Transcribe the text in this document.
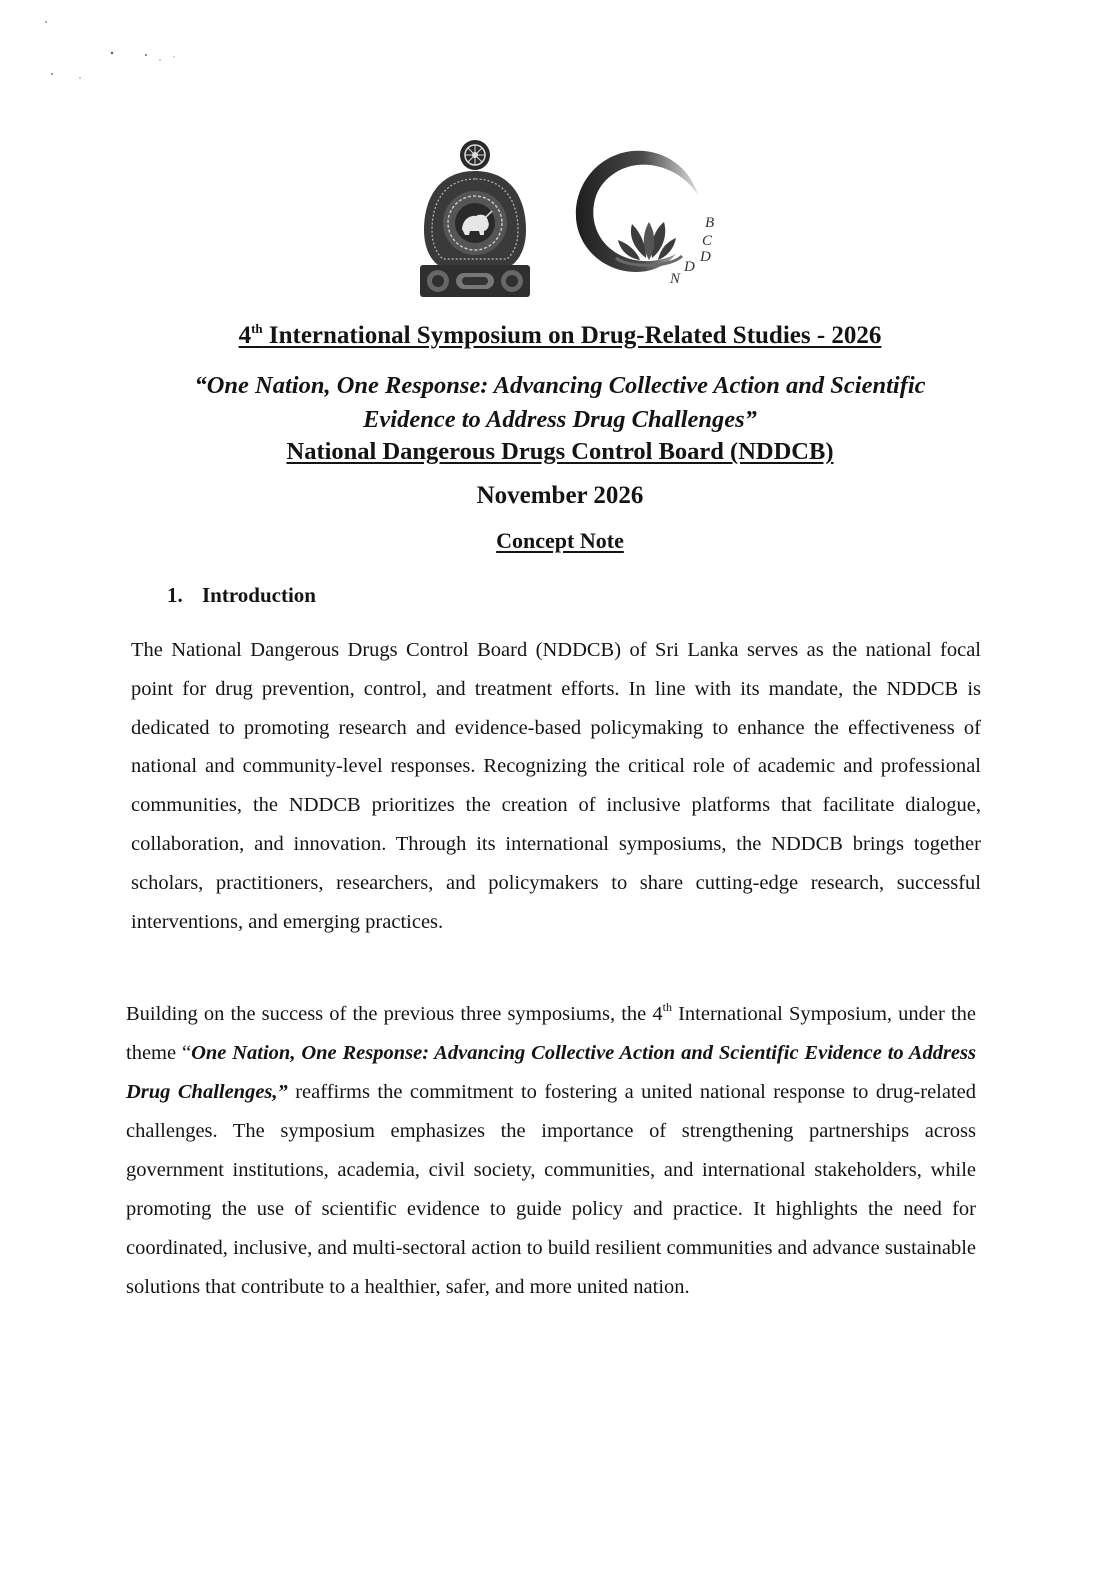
B
C
D
D
N
4th International Symposium on Drug-Related Studies - 2026
“One Nation, One Response: Advancing Collective Action and Scientific Evidence to Address Drug Challenges”
National Dangerous Drugs Control Board (NDDCB)
November 2026
Concept Note
1. Introduction
The National Dangerous Drugs Control Board (NDDCB) of Sri Lanka serves as the national focal point for drug prevention, control, and treatment efforts. In line with its mandate, the NDDCB is dedicated to promoting research and evidence-based policymaking to enhance the effectiveness of national and community-level responses. Recognizing the critical role of academic and professional communities, the NDDCB prioritizes the creation of inclusive platforms that facilitate dialogue, collaboration, and innovation. Through its international symposiums, the NDDCB brings together scholars, practitioners, researchers, and policymakers to share cutting-edge research, successful interventions, and emerging practices.
Building on the success of the previous three symposiums, the 4th International Symposium, under the theme “One Nation, One Response: Advancing Collective Action and Scientific Evidence to Address Drug Challenges,” reaffirms the commitment to fostering a united national response to drug-related challenges. The symposium emphasizes the importance of strengthening partnerships across government institutions, academia, civil society, communities, and international stakeholders, while promoting the use of scientific evidence to guide policy and practice. It highlights the need for coordinated, inclusive, and multi-sectoral action to build resilient communities and advance sustainable solutions that contribute to a healthier, safer, and more united nation.
